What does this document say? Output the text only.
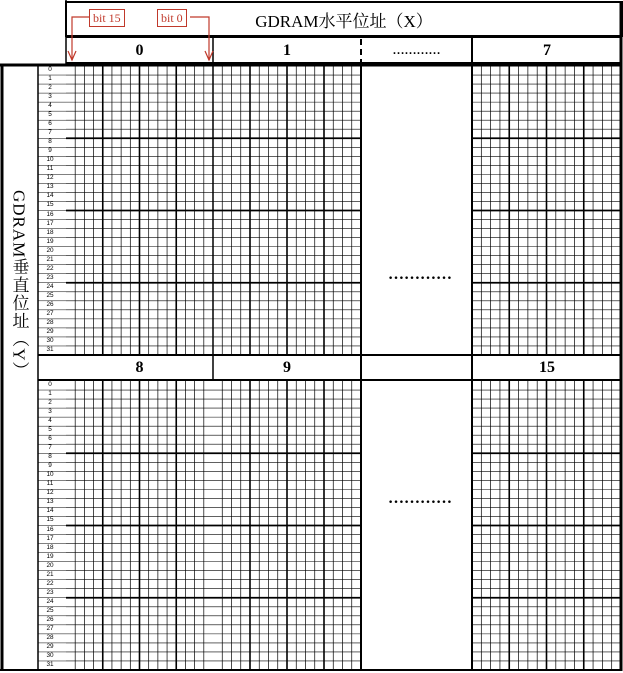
GDRAM水平位址（X）
0	1	…………	7
8	9	15
bit 15	bit 0
GDRAM垂直位址（Y）	…………
…………
0
1
2
3
4
5
6
7
8
9
10
11
12
13
14
15
16
17
18
19
20
21
22
23
24
25
26
27
28
29
30
31
0
1
2
3
4
5
6
7
8
9
10
11
12
13
14
15
16
17
18
19
20
21
22
23
24
25
26
27
28
29
30
31
